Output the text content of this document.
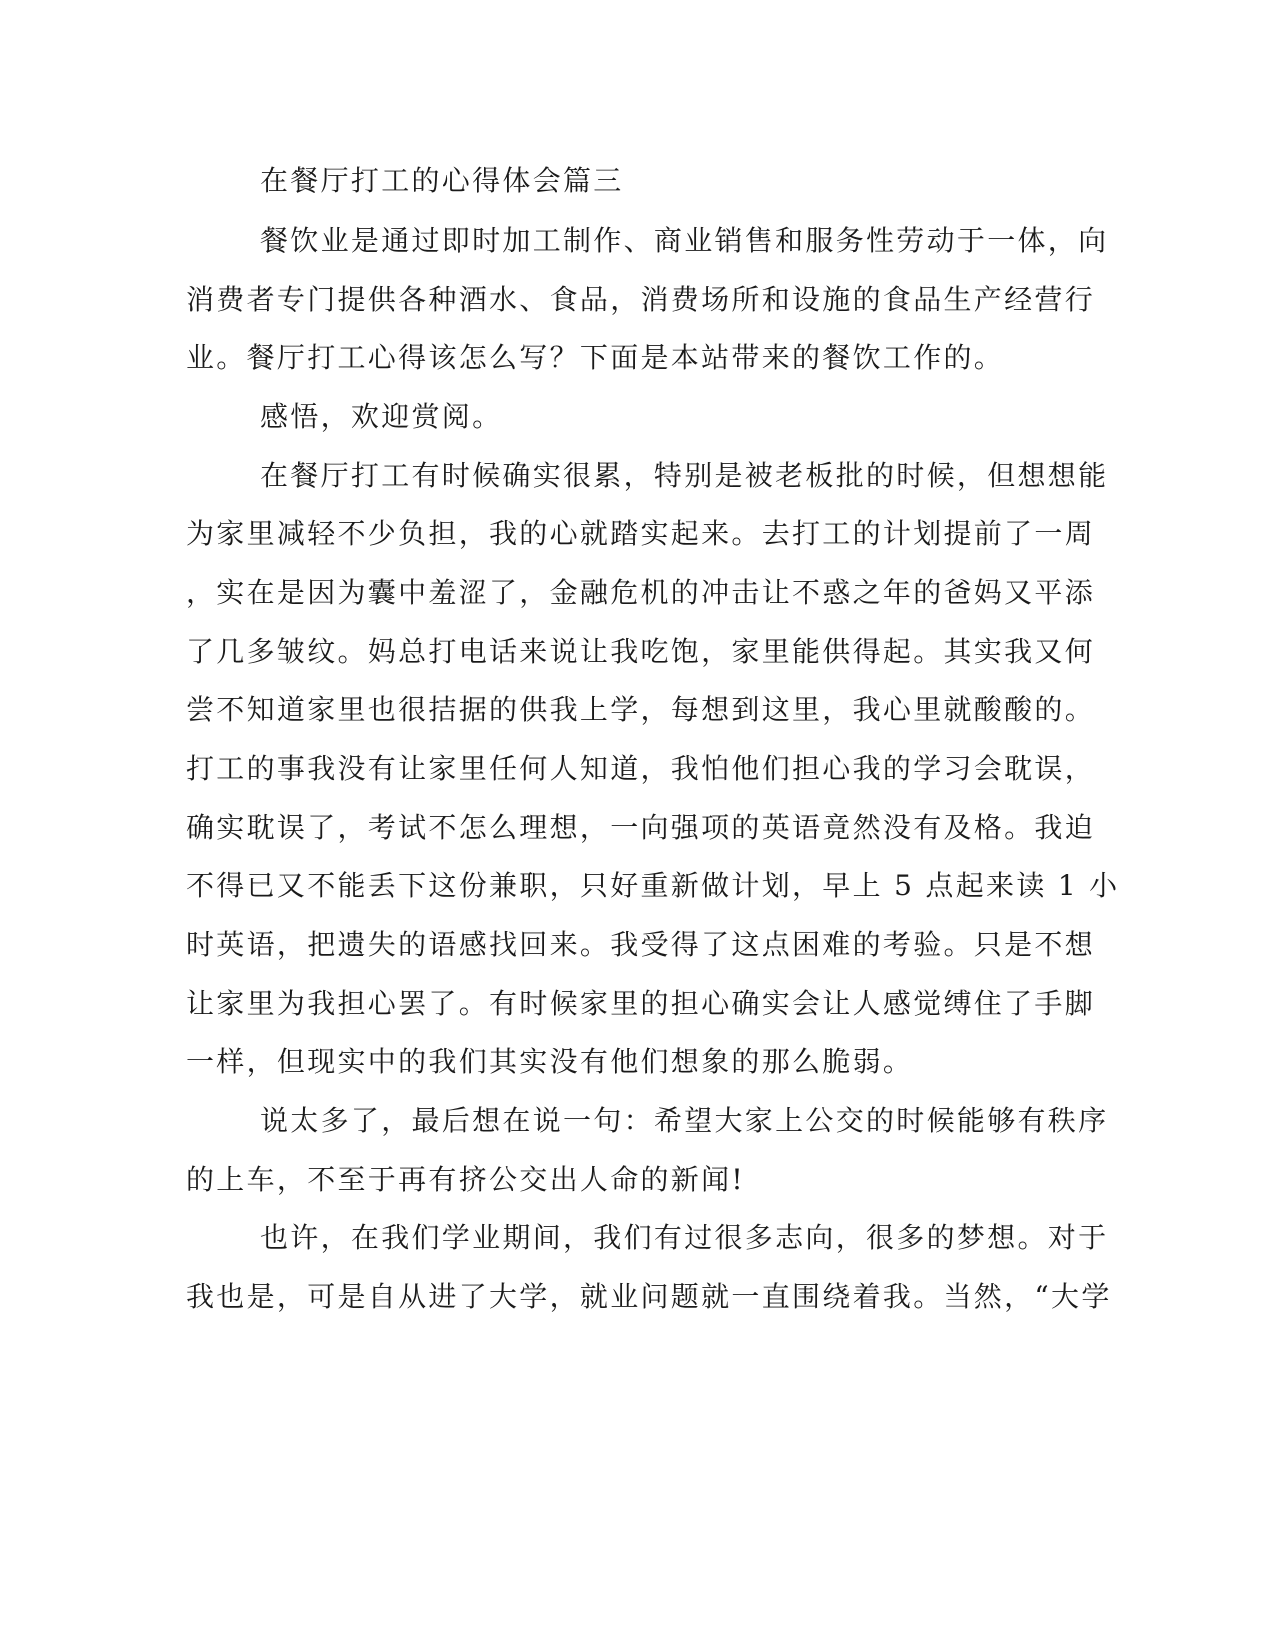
在餐厅打工的心得体会篇三
餐饮业是通过即时加工制作、商业销售和服务性劳动于一体，向
消费者专门提供各种酒水、食品，消费场所和设施的食品生产经营行
业。餐厅打工心得该怎么写？下面是本站带来的餐饮工作的。
感悟，欢迎赏阅。
在餐厅打工有时候确实很累，特别是被老板批的时候，但想想能
为家里减轻不少负担，我的心就踏实起来。去打工的计划提前了一周
，实在是因为囊中羞涩了，金融危机的冲击让不惑之年的爸妈又平添
了几多皱纹。妈总打电话来说让我吃饱，家里能供得起。其实我又何
尝不知道家里也很拮据的供我上学，每想到这里，我心里就酸酸的。
打工的事我没有让家里任何人知道，我怕他们担心我的学习会耽误，
确实耽误了，考试不怎么理想，一向强项的英语竟然没有及格。我迫
不得已又不能丢下这份兼职，只好重新做计划，早上 5 点起来读 1 小
时英语，把遗失的语感找回来。我受得了这点困难的考验。只是不想
让家里为我担心罢了。有时候家里的担心确实会让人感觉缚住了手脚
一样，但现实中的我们其实没有他们想象的那么脆弱。
说太多了，最后想在说一句：希望大家上公交的时候能够有秩序
的上车，不至于再有挤公交出人命的新闻!
也许，在我们学业期间，我们有过很多志向，很多的梦想。对于
我也是，可是自从进了大学，就业问题就一直围绕着我。当然，“大学
